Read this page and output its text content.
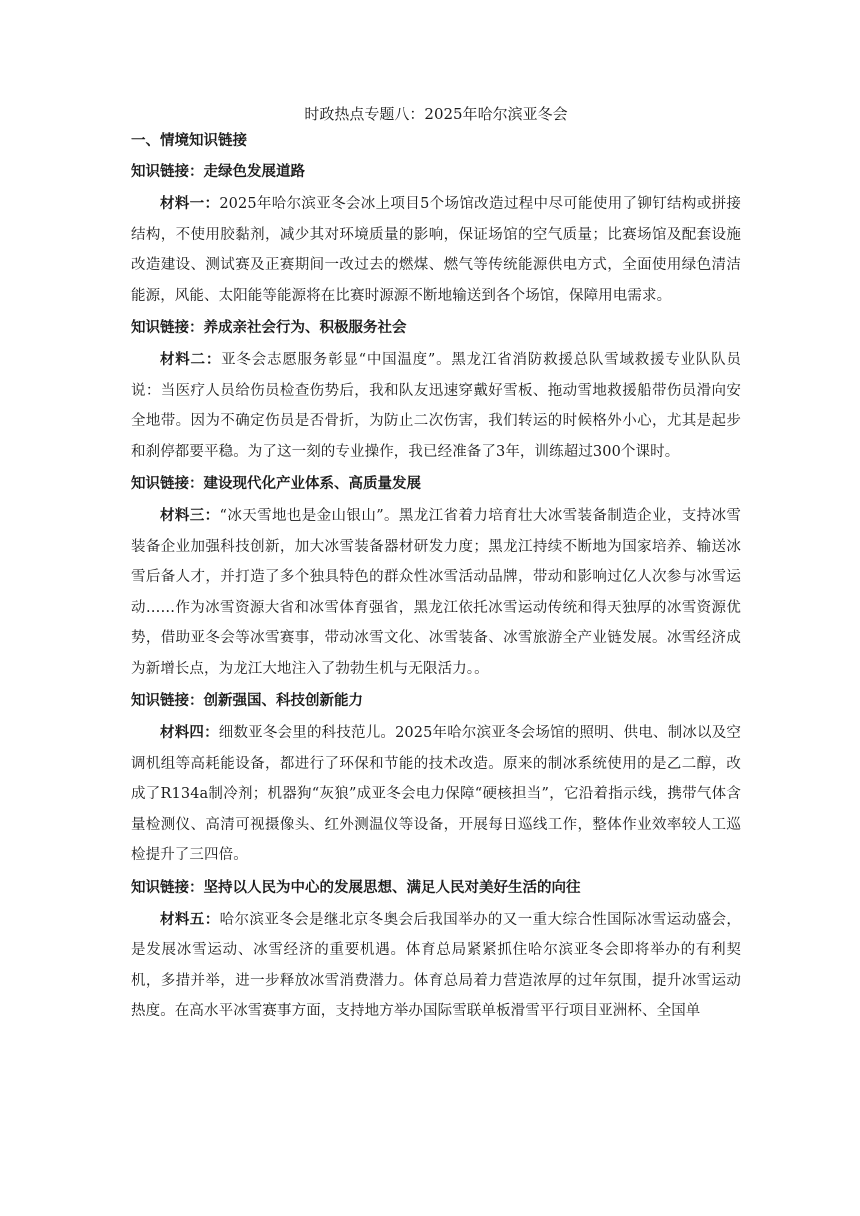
时政热点专题八：2025年哈尔滨亚冬会

一、情境知识链接

知识链接：走绿色发展道路

材料一：2025年哈尔滨亚冬会冰上项目5个场馆改造过程中尽可能使用了铆钉结构或拼接结构，不使用胶黏剂，减少其对环境质量的影响，保证场馆的空气质量；比赛场馆及配套设施改造建设、测试赛及正赛期间一改过去的燃煤、燃气等传统能源供电方式，全面使用绿色清洁能源，风能、太阳能等能源将在比赛时源源不断地输送到各个场馆，保障用电需求。

知识链接：养成亲社会行为、积极服务社会

材料二：亚冬会志愿服务彰显“中国温度”。黑龙江省消防救援总队雪域救援专业队队员说：当医疗人员给伤员检查伤势后，我和队友迅速穿戴好雪板、拖动雪地救援船带伤员滑向安全地带。因为不确定伤员是否骨折，为防止二次伤害，我们转运的时候格外小心，尤其是起步和刹停都要平稳。为了这一刻的专业操作，我已经准备了3年，训练超过300个课时。

知识链接：建设现代化产业体系、高质量发展

材料三：“冰天雪地也是金山银山”。黑龙江省着力培育壮大冰雪装备制造企业，支持冰雪装备企业加强科技创新，加大冰雪装备器材研发力度；黑龙江持续不断地为国家培养、输送冰雪后备人才，并打造了多个独具特色的群众性冰雪活动品牌，带动和影响过亿人次参与冰雪运动……作为冰雪资源大省和冰雪体育强省，黑龙江依托冰雪运动传统和得天独厚的冰雪资源优势，借助亚冬会等冰雪赛事，带动冰雪文化、冰雪装备、冰雪旅游全产业链发展。冰雪经济成为新增长点，为龙江大地注入了勃勃生机与无限活力。。

知识链接：创新强国、科技创新能力

材料四：细数亚冬会里的科技范儿。2025年哈尔滨亚冬会场馆的照明、供电、制冰以及空调机组等高耗能设备，都进行了环保和节能的技术改造。原来的制冰系统使用的是乙二醇，改成了R134a制冷剂；机器狗“灰狼”成亚冬会电力保障“硬核担当”，它沿着指示线，携带气体含量检测仪、高清可视摄像头、红外测温仪等设备，开展每日巡线工作，整体作业效率较人工巡检提升了三四倍。

知识链接：坚持以人民为中心的发展思想、满足人民对美好生活的向往

材料五：哈尔滨亚冬会是继北京冬奥会后我国举办的又一重大综合性国际冰雪运动盛会，是发展冰雪运动、冰雪经济的重要机遇。体育总局紧紧抓住哈尔滨亚冬会即将举办的有利契机，多措并举，进一步释放冰雪消费潜力。体育总局着力营造浓厚的过年氛围，提升冰雪运动热度。在高水平冰雪赛事方面，支持地方举办国际雪联单板滑雪平行项目亚洲杯、全国单
